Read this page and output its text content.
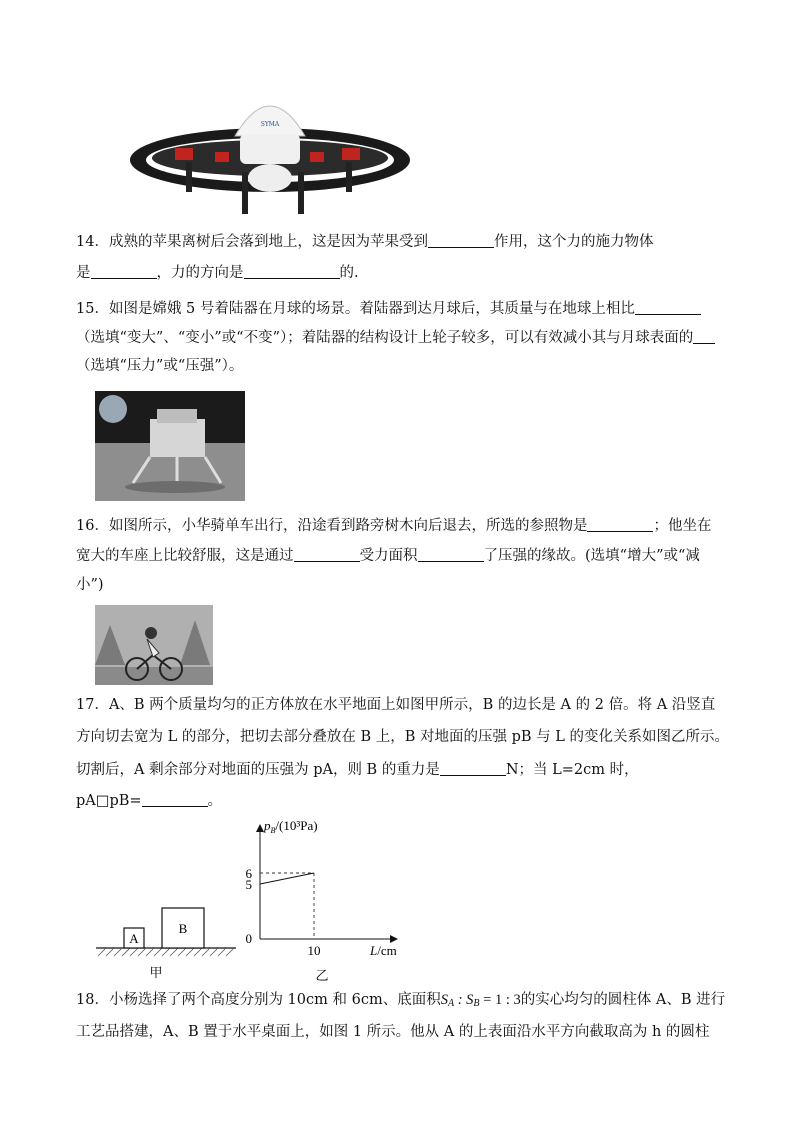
SYMA
14．成熟的苹果离树后会落到地上，这是因为苹果受到	作用，这个力的施力物体
是	，力的方向是	的.
15．如图是嫦娥 5 号着陆器在月球的场景。着陆器到达月球后，其质量与在地球上相比
（选填“变大”、“变小”或“不变”）；着陆器的结构设计上轮子较多，可以有效减小其与月球表面的
（选填“压力”或“压强”）。
16．如图所示，小华骑单车出行，沿途看到路旁树木向后退去，所选的参照物是	；他坐在
宽大的车座上比较舒服，这是通过	受力面积	了压强的缘故。(选填“增大”或“减
小”)
17．A、B 两个质量均匀的正方体放在水平地面上如图甲所示，B 的边长是 A 的 2 倍。将 A 沿竖直
方向切去宽为 L 的部分，把切去部分叠放在 B 上，B 对地面的压强 pB 与 L 的变化关系如图乙所示。
切割后，A 剩余部分对地面的压强为 pA，则 B 的重力是	N；当 L=2cm 时，
pA□pB=	。
A
B
甲
$p_B/(10^3Pa)$
0
L/cm
乙
5
6
10
18．小杨选择了两个高度分别为 10cm 和 6cm、底面积$S_A$ : $S_B = 1$ : 3的实心均匀的圆柱体 A、B 进行
工艺品搭建，A、B 置于水平桌面上，如图 1 所示。他从 A 的上表面沿水平方向截取高为 h 的圆柱
